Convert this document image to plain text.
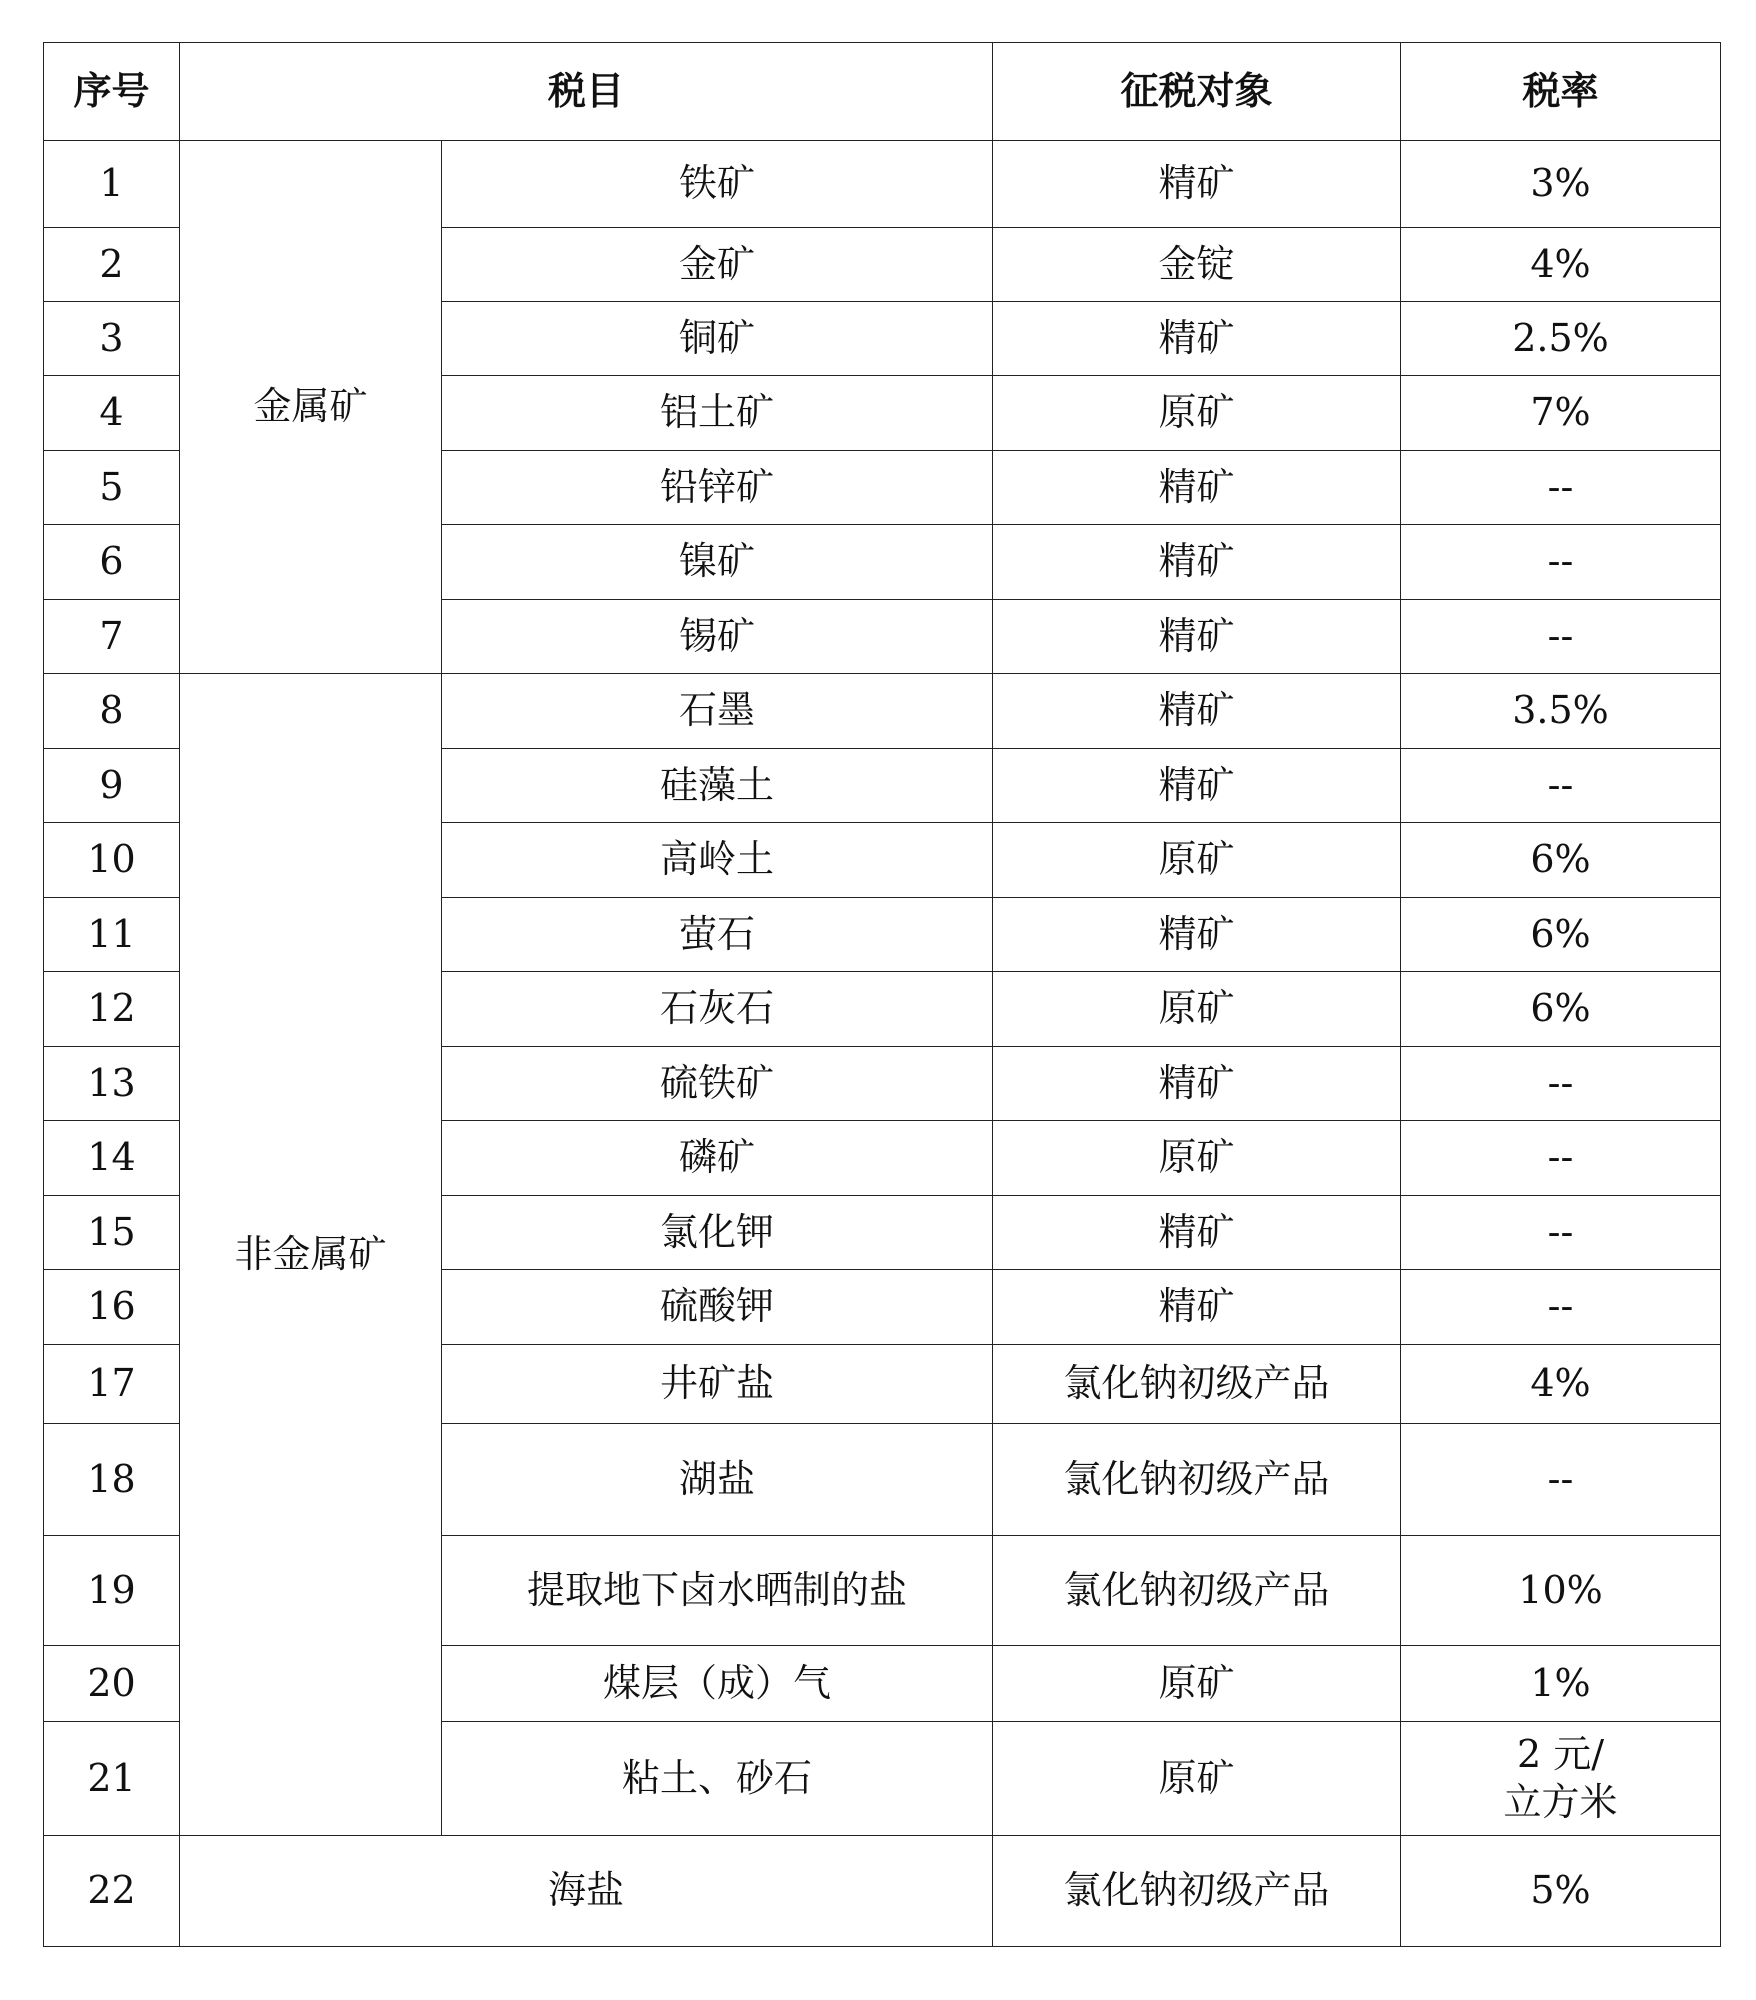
序号	税目		征税对象	税率
1	金属矿	铁矿	精矿	3%
2		金矿	金锭	4%
3		铜矿	精矿	2.5%
4		铝土矿	原矿	7%
5		铅锌矿	精矿	--
6		镍矿	精矿	--
7		锡矿	精矿	--
8	非金属矿	石墨	精矿	3.5%
9		硅藻土	精矿	--
10		高岭土	原矿	6%
11		萤石	精矿	6%
12		石灰石	原矿	6%
13		硫铁矿	精矿	--
14		磷矿	原矿	--
15		氯化钾	精矿	--
16		硫酸钾	精矿	--
17		井矿盐	氯化钠初级产品	4%
18		湖盐	氯化钠初级产品	--
19		提取地下卤水晒制的盐	氯化钠初级产品	10%
20		煤层（成）气	原矿	1%
21		粘土、砂石	原矿	2 元/
立方米

22	海盐		氯化钠初级产品	5%
